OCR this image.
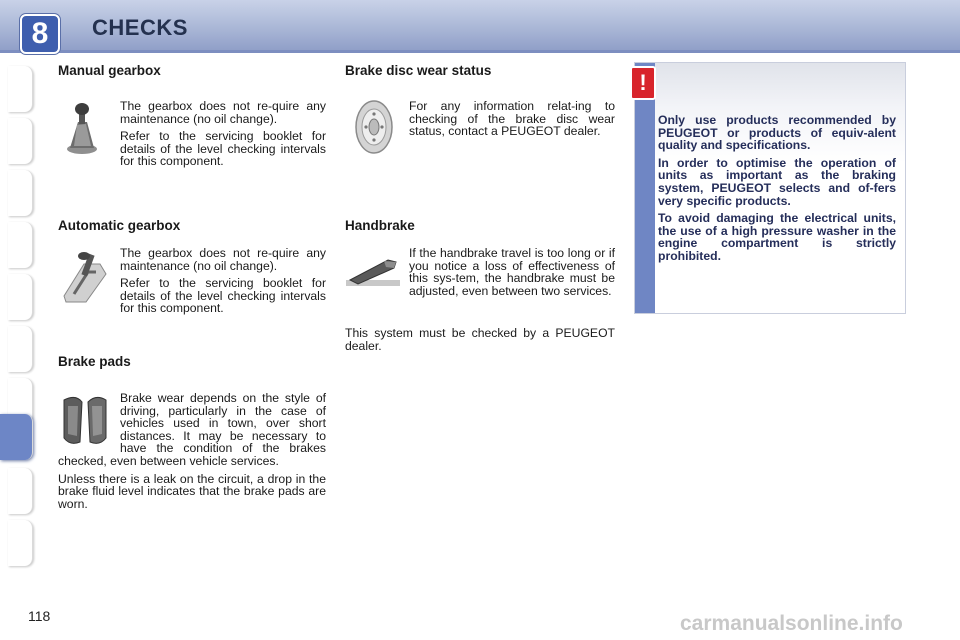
8	CHECKS
Manual gearbox

The gearbox does not re-quire any maintenance (no oil change).

Refer to the servicing booklet for details of the level checking intervals for this component.

Automatic gearbox

The gearbox does not re-quire any maintenance (no oil change).

Refer to the servicing booklet for details of the level checking intervals for this component.

Brake pads

Brake wear depends on the style of driving, particularly in the case of vehicles used in town, over short distances. It may be necessary to have the condition of the brakes checked, even between vehicle services.

Unless there is a leak on the circuit, a drop in the brake fluid level indicates that the brake pads are worn.

Brake disc wear status

For any information relat-ing to checking of the brake disc wear status, contact a PEUGEOT dealer.

Handbrake

If the handbrake travel is too long or if you notice a loss of effectiveness of this sys-tem, the handbrake must be adjusted, even between two services.

This system must be checked by a PEUGEOT dealer.

!

Only use products recommended by PEUGEOT or products of equiv-alent quality and specifications.

In order to optimise the operation of units as important as the braking system, PEUGEOT selects and of-fers very specific products.

To avoid damaging the electrical units, the use of a high pressure washer in the engine compartment is strictly prohibited.

118	carmanualsonline.info
